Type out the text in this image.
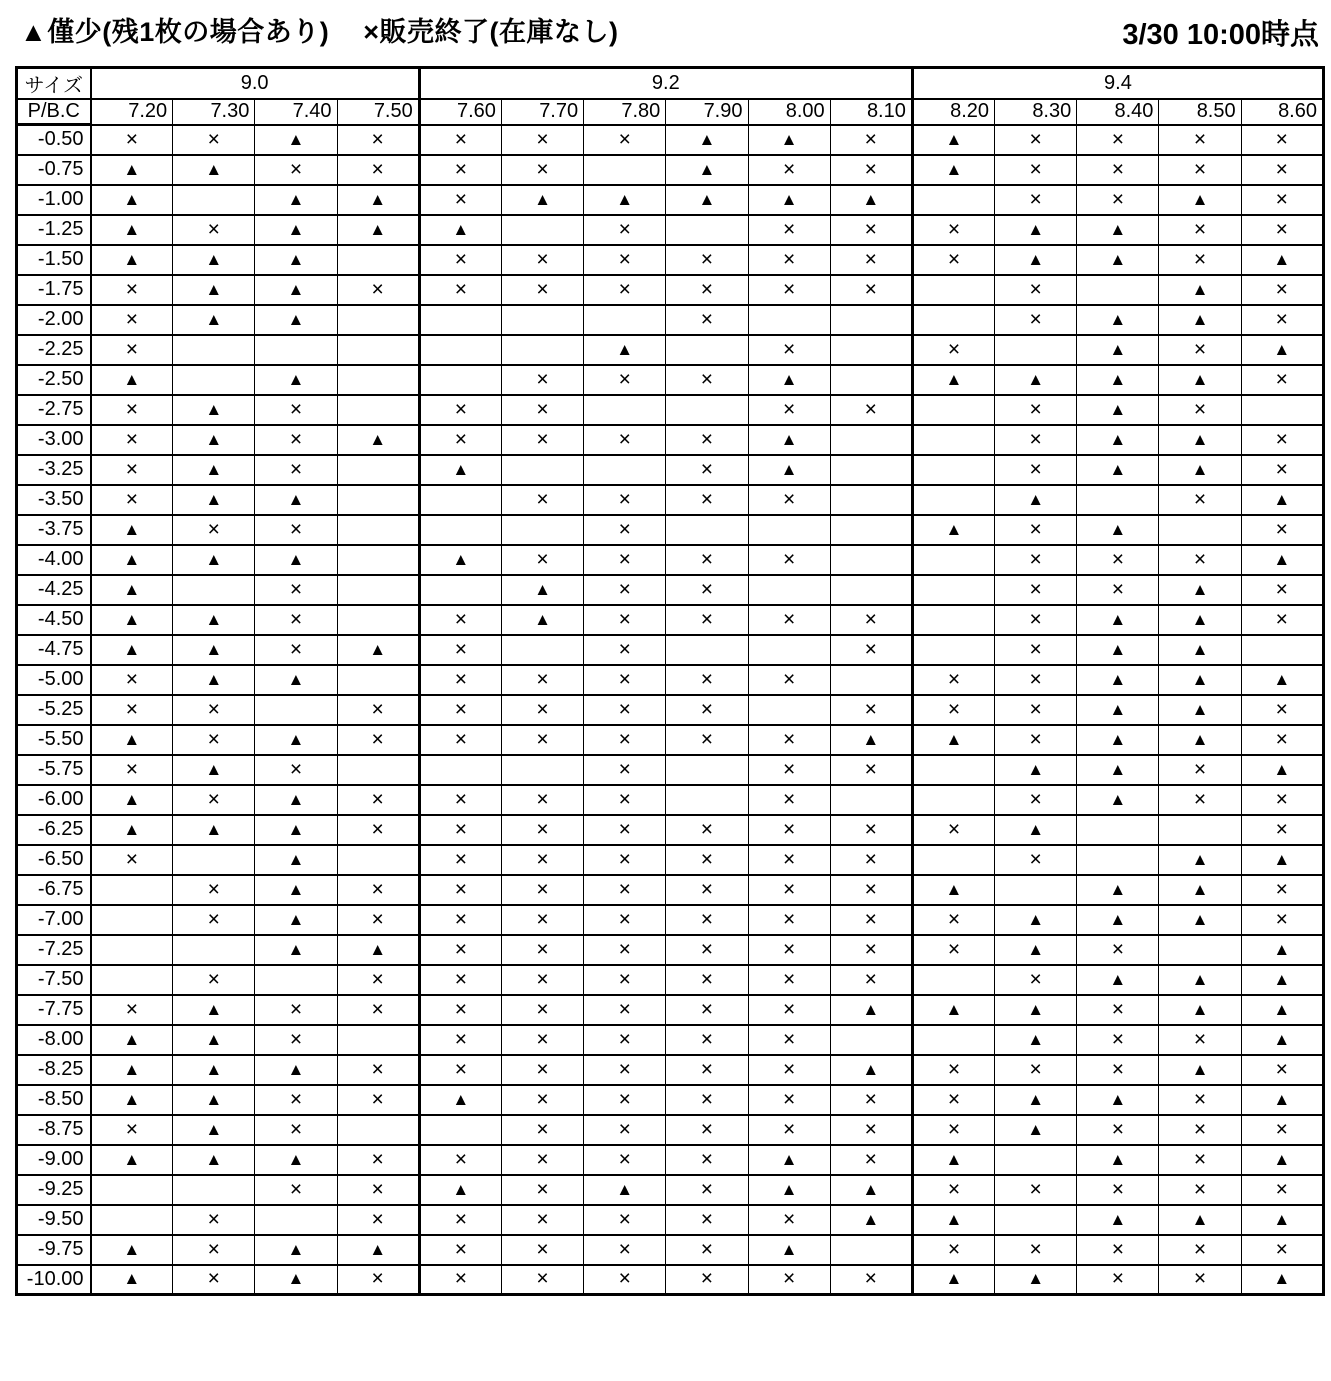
▲僅少(残1枚の場合あり) ×販売終了(在庫なし)	3/30 10:00時点
サイズ	9.0				9.2						9.4				
P/B.C	7.20	7.30	7.40	7.50	7.60	7.70	7.80	7.90	8.00	8.10	8.20	8.30	8.40	8.50	8.60
-0.50	×	×	▲	×	×	×	×	▲	▲	×	▲	×	×	×	×
-0.75	▲	▲	×	×	×	×		▲	×	×	▲	×	×	×	×
-1.00	▲		▲	▲	×	▲	▲	▲	▲	▲		×	×	▲	×
-1.25	▲	×	▲	▲	▲		×		×	×	×	▲	▲	×	×
-1.50	▲	▲	▲		×	×	×	×	×	×	×	▲	▲	×	▲
-1.75	×	▲	▲	×	×	×	×	×	×	×		×		▲	×
-2.00	×	▲	▲					×				×	▲	▲	×
-2.25	×						▲		×		×		▲	×	▲
-2.50	▲		▲			×	×	×	▲		▲	▲	▲	▲	×
-2.75	×	▲	×		×	×			×	×		×	▲	×	
-3.00	×	▲	×	▲	×	×	×	×	▲			×	▲	▲	×
-3.25	×	▲	×		▲			×	▲			×	▲	▲	×
-3.50	×	▲	▲			×	×	×	×			▲		×	▲
-3.75	▲	×	×				×				▲	×	▲		×
-4.00	▲	▲	▲		▲	×	×	×	×			×	×	×	▲
-4.25	▲		×			▲	×	×				×	×	▲	×
-4.50	▲	▲	×		×	▲	×	×	×	×		×	▲	▲	×
-4.75	▲	▲	×	▲	×		×			×		×	▲	▲	
-5.00	×	▲	▲		×	×	×	×	×		×	×	▲	▲	▲
-5.25	×	×		×	×	×	×	×		×	×	×	▲	▲	×
-5.50	▲	×	▲	×	×	×	×	×	×	▲	▲	×	▲	▲	×
-5.75	×	▲	×				×		×	×		▲	▲	×	▲
-6.00	▲	×	▲	×	×	×	×		×			×	▲	×	×
-6.25	▲	▲	▲	×	×	×	×	×	×	×	×	▲			×
-6.50	×		▲		×	×	×	×	×	×		×		▲	▲
-6.75		×	▲	×	×	×	×	×	×	×	▲		▲	▲	×
-7.00		×	▲	×	×	×	×	×	×	×	×	▲	▲	▲	×
-7.25			▲	▲	×	×	×	×	×	×	×	▲	×		▲
-7.50		×		×	×	×	×	×	×	×		×	▲	▲	▲
-7.75	×	▲	×	×	×	×	×	×	×	▲	▲	▲	×	▲	▲
-8.00	▲	▲	×		×	×	×	×	×			▲	×	×	▲
-8.25	▲	▲	▲	×	×	×	×	×	×	▲	×	×	×	▲	×
-8.50	▲	▲	×	×	▲	×	×	×	×	×	×	▲	▲	×	▲
-8.75	×	▲	×			×	×	×	×	×	×	▲	×	×	×
-9.00	▲	▲	▲	×	×	×	×	×	▲	×	▲		▲	×	▲
-9.25			×	×	▲	×	▲	×	▲	▲	×	×	×	×	×
-9.50		×		×	×	×	×	×	×	▲	▲		▲	▲	▲
-9.75	▲	×	▲	▲	×	×	×	×	▲		×	×	×	×	×
-10.00	▲	×	▲	×	×	×	×	×	×	×	▲	▲	×	×	▲
